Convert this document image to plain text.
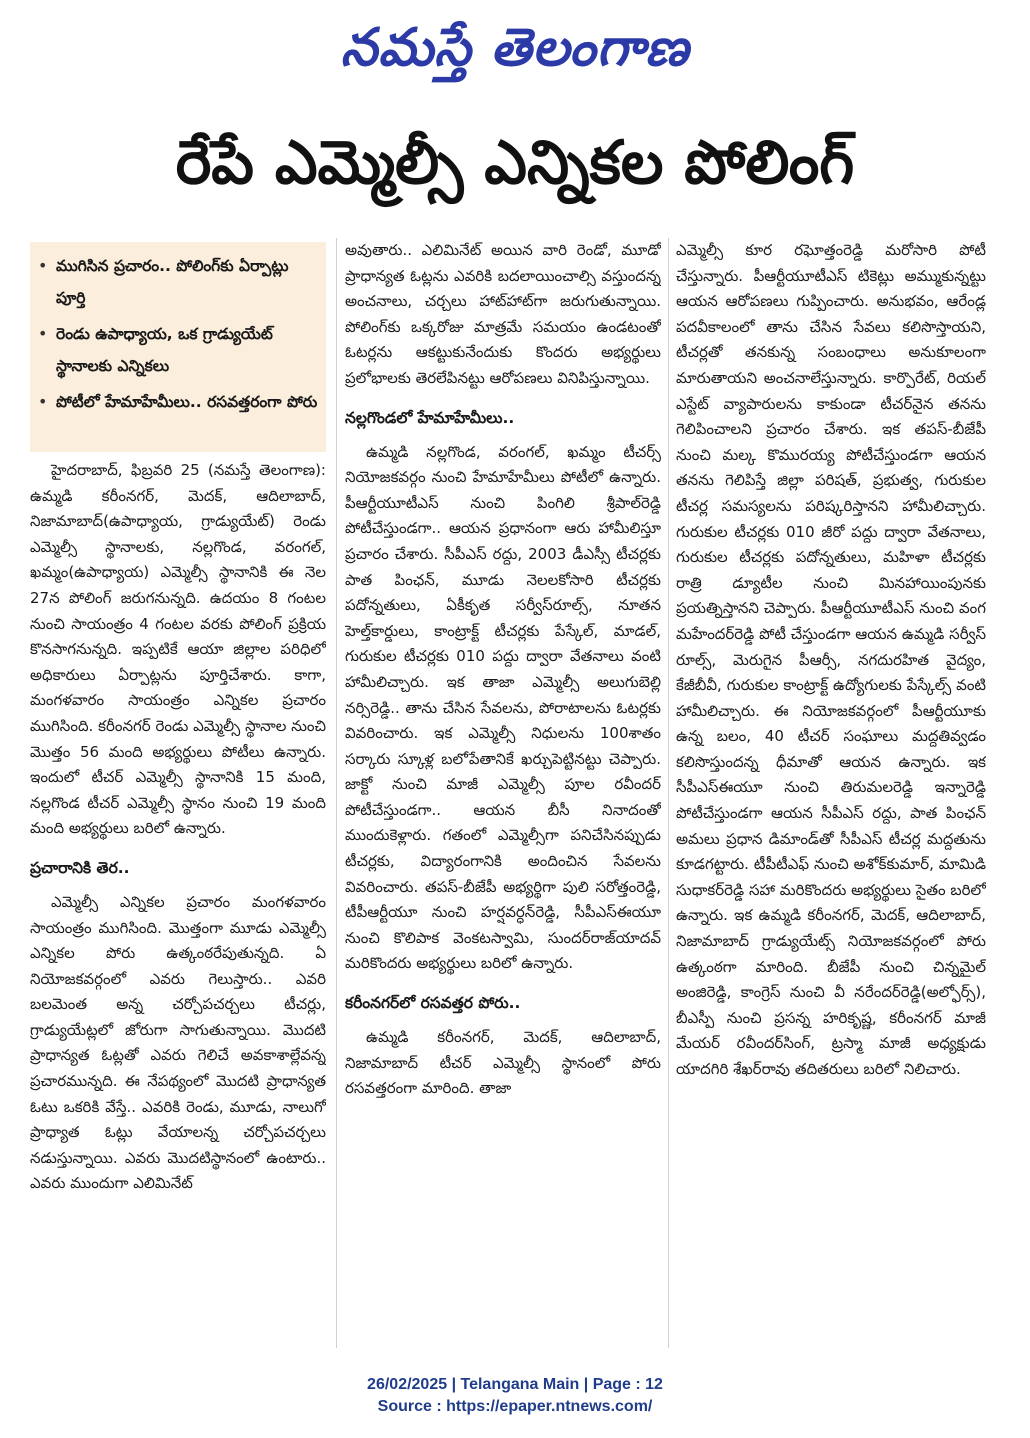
నమస్తే తెలంగాణ
రేపే ఎమ్మెల్సీ ఎన్నికల పోలింగ్
• ముగిసిన ప్రచారం.. పోలింగ్‌కు ఏర్పాట్లు పూర్తి
• రెండు ఉపాధ్యాయ, ఒక గ్రాడ్యుయేట్ స్థానాలకు ఎన్నికలు
• పోటీలో హేమాహేమీలు.. రసవత్తరంగా పోరు

హైదరాబాద్, ఫిబ్రవరి 25 (నమస్తే తెలంగాణ): ఉమ్మడి కరీంనగర్, మెదక్, ఆదిలాబాద్, నిజామాబాద్(ఉపాధ్యాయ, గ్రాడ్యుయేట్) రెండు ఎమ్మెల్సీ స్థానాలకు, నల్లగొండ, వరంగల్, ఖమ్మం(ఉపాధ్యాయ) ఎమ్మెల్సీ స్థానానికి ఈ నెల 27న పోలింగ్ జరుగనున్నది. ఉదయం 8 గంటల నుంచి సాయంత్రం 4 గంటల వరకు పోలింగ్ ప్రక్రియ కొనసాగనున్నది. ఇప్పటికే ఆయా జిల్లాల పరిధిలో అధికారులు ఏర్పాట్లను పూర్తిచేశారు. కాగా, మంగళవారం సాయంత్రం ఎన్నికల ప్రచారం ముగిసింది. కరీంనగర్ రెండు ఎమ్మెల్సీ స్థానాల నుంచి మొత్తం 56 మంది అభ్యర్థులు పోటీలు ఉన్నారు. ఇందులో టీచర్ ఎమ్మెల్సీ స్థానానికి 15 మంది, నల్లగొండ టీచర్ ఎమ్మెల్సీ స్థానం నుంచి 19 మంది మంది అభ్యర్థులు బరిలో ఉన్నారు.

ప్రచారానికి తెర..

ఎమ్మెల్సీ ఎన్నికల ప్రచారం మంగళవారం సాయంత్రం ముగిసింది. మొత్తంగా మూడు ఎమ్మెల్సీ ఎన్నికల పోరు ఉత్కంఠరేపుతున్నది. ఏ నియోజకవర్గంలో ఎవరు గెలుస్తారు.. ఎవరి బలమెంత అన్న చర్చోపచర్చలు టీచర్లు, గ్రాడ్యుయేట్లలో జోరుగా సాగుతున్నాయి. మొదటి ప్రాధాన్యత ఓట్లతో ఎవరు గెలిచే అవకాశాల్లేవన్న ప్రచారమున్నది. ఈ నేపథ్యంలో మొదటి ప్రాధాన్యత ఓటు ఒకరికి వేస్తే.. ఎవరికి రెండు, మూడు, నాలుగో ప్రాధ్యాత ఓట్లు వేయాలన్న చర్చోపచర్చలు నడుస్తున్నాయి. ఎవరు మొదటిస్థానంలో ఉంటారు.. ఎవరు ముందుగా ఎలిమినేట్

అవుతారు.. ఎలిమినేట్ అయిన వారి రెండో, మూడో ప్రాధాన్యత ఓట్లను ఎవరికి బదలాయించాల్సి వస్తుందన్న అంచనాలు, చర్చలు హాట్‌హాట్‌గా జరుగుతున్నాయి. పోలింగ్‌కు ఒక్కరోజు మాత్రమే సమయం ఉండటంతో ఓటర్లను ఆకట్టుకునేందుకు కొందరు అభ్యర్థులు ప్రలోభాలకు తెరలేపినట్టు ఆరోపణలు వినిపిస్తున్నాయి.

నల్లగొండలో హేమాహేమీలు..

ఉమ్మడి నల్లగొండ, వరంగల్, ఖమ్మం టీచర్స్ నియోజకవర్గం నుంచి హేమాహేమీలు పోటీలో ఉన్నారు. పీఆర్టీయూటీఎస్ నుంచి పింగిలి శ్రీపాల్‌రెడ్డి పోటీచేస్తుండగా.. ఆయన ప్రధానంగా ఆరు హామీలిస్తూ ప్రచారం చేశారు. సీపీఎస్ రద్దు, 2003 డీఎస్సీ టీచర్లకు పాత పింఛన్, మూడు నెలలకోసారి టీచర్లకు పదోన్నతులు, ఏకీకృత సర్వీస్‌రూల్స్, నూతన హెల్త్‌కార్డులు, కాంట్రాక్ట్ టీచర్లకు పేస్కేల్, మాడల్, గురుకుల టీచర్లకు 010 పద్దు ద్వారా వేతనాలు వంటి హామీలిచ్చారు. ఇక తాజా ఎమ్మెల్సీ అలుగుబెల్లి నర్సిరెడ్డి.. తాను చేసిన సేవలను, పోరాటాలను ఓటర్లకు వివరించారు. ఇక ఎమ్మెల్సీ నిధులను 100శాతం సర్కారు స్కూళ్ల బలోపేతానికే ఖర్చుపెట్టినట్టు చెప్పారు. జాక్టో నుంచి మాజీ ఎమ్మెల్సీ పూల రవీందర్ పోటీచేస్తుండగా.. ఆయన బీసీ నినాదంతో ముందుకెళ్లారు. గతంలో ఎమ్మెల్సీగా పనిచేసినప్పుడు టీచర్లకు, విద్యారంగానికి అందించిన సేవలను వివరించారు. తపస్-బీజేపీ అభ్యర్థిగా పులి సరోత్తంరెడ్డి, టీపీఆర్టీయూ నుంచి హర్షవర్ధన్‌రెడ్డి, సీపీఎస్‌ఈయూ నుంచి కొలిపాక వెంకటస్వామి, సుందర్‌రాజ్‌యాదవ్ మరికొందరు అభ్యర్థులు బరిలో ఉన్నారు.

కరీంనగర్‌లో రసవత్తర పోరు..

ఉమ్మడి కరీంనగర్, మెదక్, ఆదిలాబాద్, నిజామాబాద్ టీచర్ ఎమ్మెల్సీ స్థానంలో పోరు రసవత్తరంగా మారింది. తాజా

ఎమ్మెల్సీ కూర రఘోత్తంరెడ్డి మరోసారి పోటీ చేస్తున్నారు. పీఆర్టీయూటీఎస్ టికెట్లు అమ్ముకున్నట్టు ఆయన ఆరోపణలు గుప్పించారు. అనుభవం, ఆరేండ్ల పదవీకాలంలో తాను చేసిన సేవలు కలిసొస్తాయని, టీచర్లతో తనకున్న సంబంధాలు అనుకూలంగా మారుతాయని అంచనాలేస్తున్నారు. కార్పొరేట్, రియల్ ఎస్టేట్ వ్యాపారులను కాకుండా టీచర్‌నైన తనను గెలిపించాలని ప్రచారం చేశారు. ఇక తపస్-బీజేపీ నుంచి మల్క కొమురయ్య పోటీచేస్తుండగా ఆయన తనను గెలిపిస్తే జిల్లా పరిషత్, ప్రభుత్వ, గురుకుల టీచర్ల సమస్యలను పరిష్కరిస్తానని హామీలిచ్చారు. గురుకుల టీచర్లకు 010 జీరో పద్దు ద్వారా వేతనాలు, గురుకుల టీచర్లకు పదోన్నతులు, మహిళా టీచర్లకు రాత్రి డ్యూటీల నుంచి మినహాయింపునకు ప్రయత్నిస్తానని చెప్పారు. పీఆర్టీయూటీఎస్ నుంచి వంగ మహేందర్‌రెడ్డి పోటీ చేస్తుండగా ఆయన ఉమ్మడి సర్వీస్ రూల్స్, మెరుగైన పీఆర్సీ, నగదురహిత వైద్యం, కేజీబీవీ, గురుకుల కాంట్రాక్ట్ ఉద్యోగులకు పేస్కేల్స్ వంటి హామీలిచ్చారు. ఈ నియోజకవర్గంలో పీఆర్టీయూకు ఉన్న బలం, 40 టీచర్ సంఘాలు మద్దతివ్వడం కలిసొస్తుందన్న ధీమాతో ఆయన ఉన్నారు. ఇక సీపీఎస్‌ఈయూ నుంచి తిరుమలరెడ్డి ఇన్నారెడ్డి పోటీచేస్తుండగా ఆయన సీపీఎస్ రద్దు, పాత పింఛన్ అమలు ప్రధాన డిమాండ్‌తో సీపీఎస్ టీచర్ల మద్దతును కూడగట్టారు. టీపీటీఎఫ్ నుంచి అశోక్‌కుమార్, మామిడి సుధాకర్‌రెడ్డి సహా మరికొందరు అభ్యర్థులు సైతం బరిలో ఉన్నారు. ఇక ఉమ్మడి కరీంనగర్, మెదక్, ఆదిలాబాద్, నిజామాబాద్ గ్రాడ్యుయేట్స్ నియోజకవర్గంలో పోరు ఉత్కంఠగా మారింది. బీజేపీ నుంచి చిన్నమైల్ అంజిరెడ్డి, కాంగ్రెస్ నుంచి వీ నరేందర్‌రెడ్డి(అల్ఫోర్స్), బీఎస్పీ నుంచి ప్రసన్న హరికృష్ణ, కరీంనగర్ మాజీ మేయర్ రవీందర్‌సింగ్, ట్రస్మా మాజీ అధ్యక్షుడు యాదగిరి శేఖర్‌రావు తదితరులు బరిలో నిలిచారు.

26/02/2025 | Telangana Main | Page : 12
Source : https://epaper.ntnews.com/
